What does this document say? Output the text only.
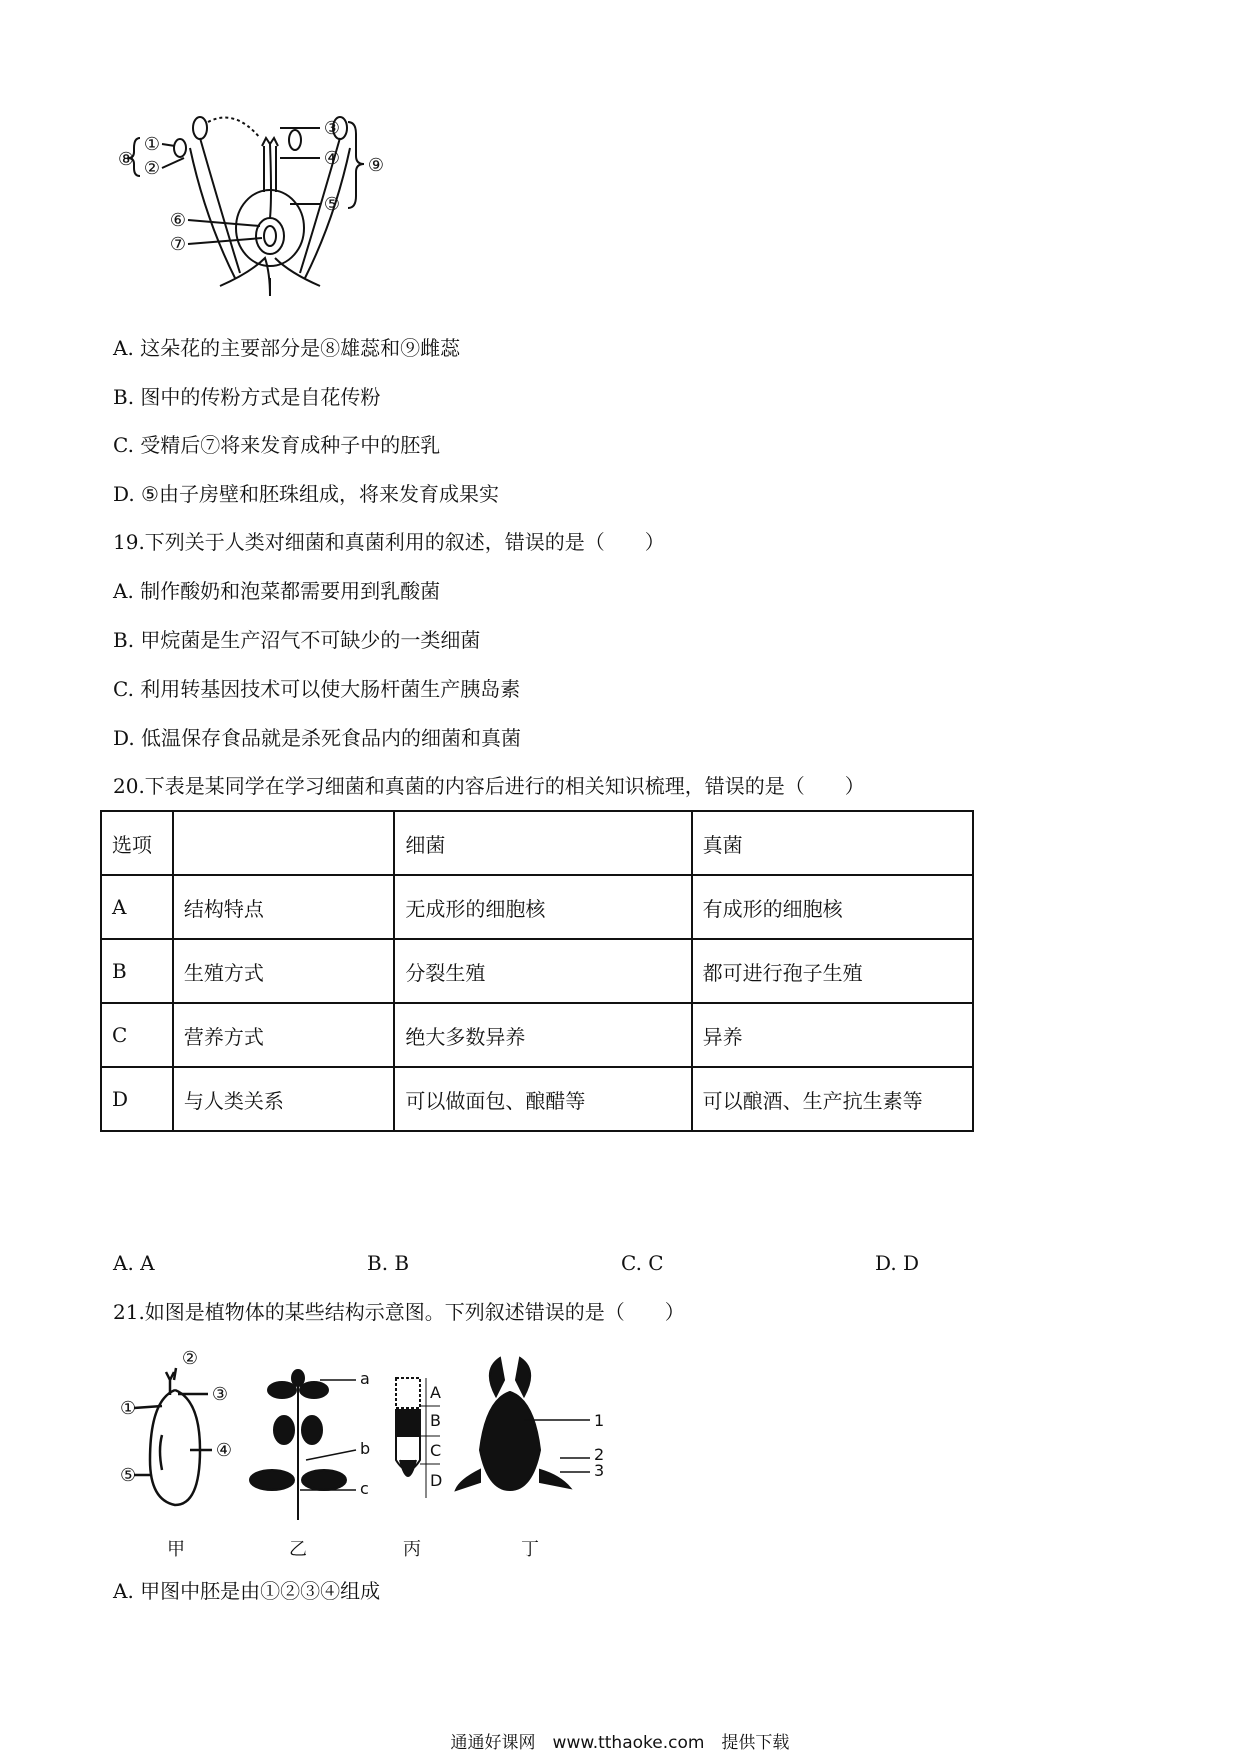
⑧
①
②
③
④ ⑨
⑤
⑥
⑦
A. 这朵花的主要部分是⑧雄蕊和⑨雌蕊
B. 图中的传粉方式是自花传粉
C. 受精后⑦将来发育成种子中的胚乳
D. ⑤由子房壁和胚珠组成，将来发育成果实
19.下列关于人类对细菌和真菌利用的叙述，错误的是（　　）
A. 制作酸奶和泡菜都需要用到乳酸菌
B. 甲烷菌是生产沼气不可缺少的一类细菌
C. 利用转基因技术可以使大肠杆菌生产胰岛素
D. 低温保存食品就是杀死食品内的细菌和真菌
20.下表是某同学在学习细菌和真菌的内容后进行的相关知识梳理，错误的是（　　）
选项		细菌	真菌
A	结构特点	无成形的细胞核	有成形的细胞核
B	生殖方式	分裂生殖	都可进行孢子生殖
C	营养方式	绝大多数异养	异养
D	与人类关系	可以做面包、酿醋等	可以酿酒、生产抗生素等
A. A	B. B	C. C	D. D
21.如图是植物体的某些结构示意图。下列叙述错误的是（　　）
②
①
③
④
⑤
a
b
c
A
B
C
D
1
2
3
甲	乙	丙	丁
A. 甲图中胚是由①②③④组成
通通好课网　www.tthaoke.com　提供下载
